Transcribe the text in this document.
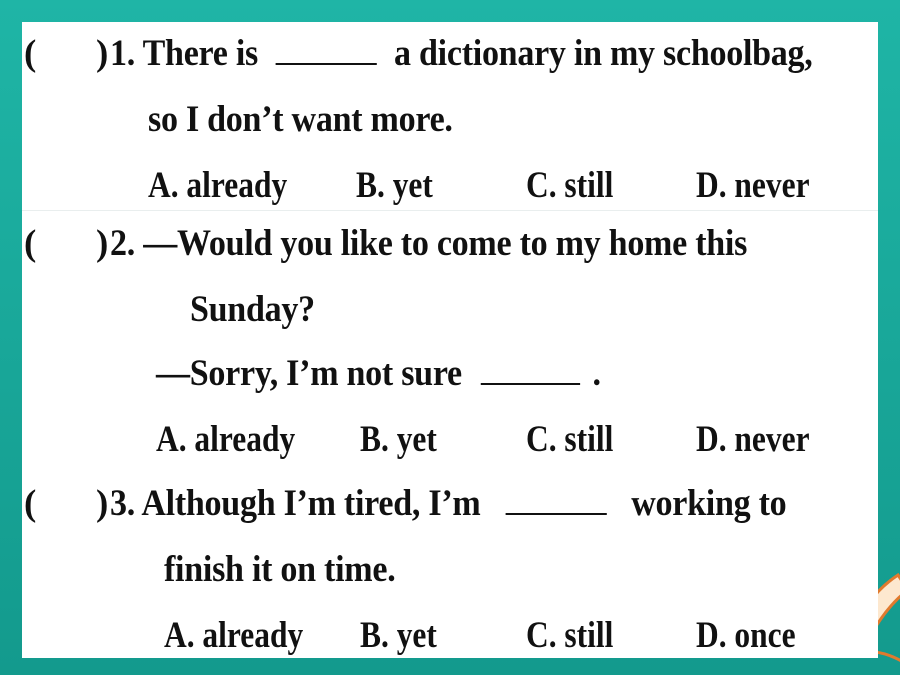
( ) 1. There is	a dictionary in my schoolbag,
so I don’t want more.
A. already B. yet	C. still D. never
( ) 2. —Would you like to come to my home this
Sunday?
—Sorry, I’m not sure	.
A. already B. yet C. still D. never
( ) 3. Although I’m tired, I’m	working to
finish it on time.
A. already B. yet C. still D. once
